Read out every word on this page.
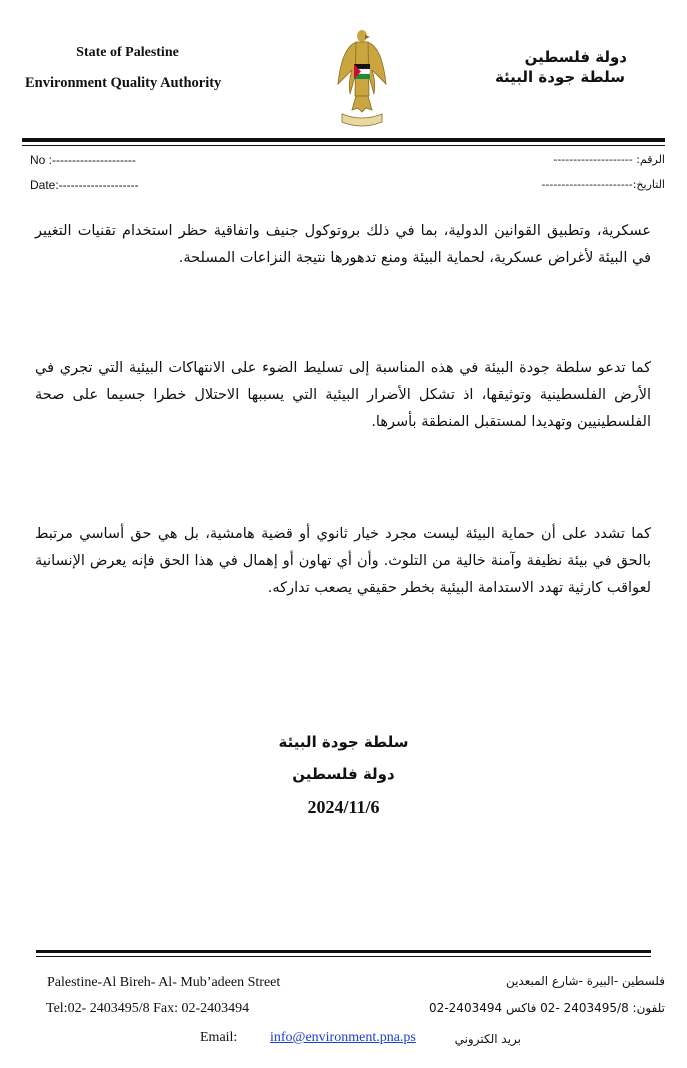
State of Palestine
Environment Quality Authority
دولة فلسطين
سلطة جودة البيئة
No :---------------------
Date:--------------------
الرقم: --------------------
التاريخ:-----------------------
عسكرية، وتطبيق القوانين الدولية، بما في ذلك بروتوكول جنيف واتفاقية حظر استخدام تقنيات التغيير في البيئة لأغراض عسكرية، لحماية البيئة ومنع تدهورها نتيجة النزاعات المسلحة.
كما تدعو سلطة جودة البيئة في هذه المناسبة إلى تسليط الضوء على الانتهاكات البيئية التي تجري في الأرض الفلسطينية وتوثيقها، اذ تشكل الأضرار البيئية التي يسببها الاحتلال خطرا جسيما على صحة الفلسطينيين وتهديدا لمستقبل المنطقة بأسرها.
كما تشدد على أن حماية البيئة ليست مجرد خيار ثانوي أو قضية هامشية، بل هي حق أساسي مرتبط بالحق في بيئة نظيفة وآمنة خالية من التلوث. وأن أي تهاون أو إهمال في هذا الحق فإنه يعرض الإنسانية لعواقب كارثية تهدد الاستدامة البيئية بخطر حقيقي يصعب تداركه.
سلطة جودة البيئة
دولة فلسطين
2024/11/6
Palestine-Al Bireh- Al- Mub’adeen Street
Tel:02- 2403495/8 Fax: 02-2403494
Email: info@environment.pna.ps
فلسطين -البيرة -شارع المبعدين
تلفون: 2403495/8 -02 فاكس 2403494-02
بريد الكتروني
